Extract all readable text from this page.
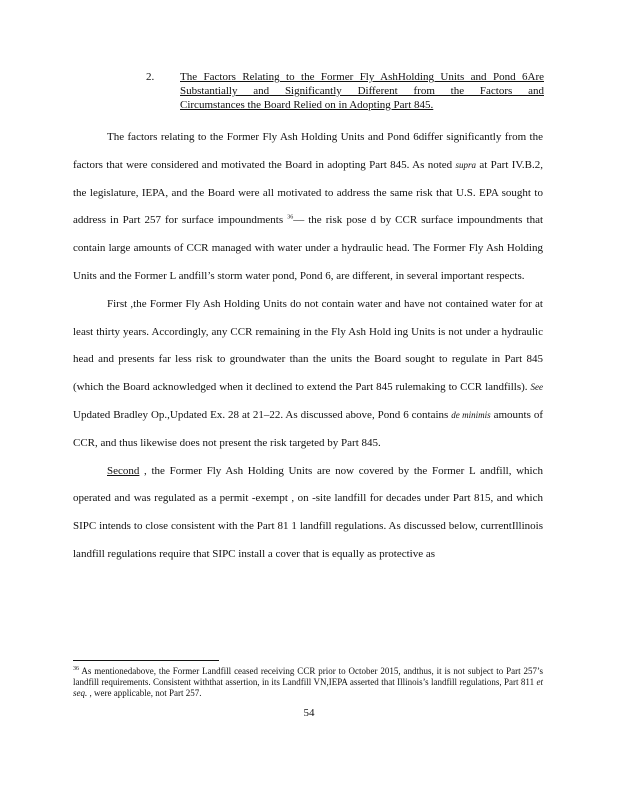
2. The Factors Relating to the Former Fly AshHolding Units and Pond 6Are
Substantially and Significantly Different from the Factors and
Circumstances the Board Relied on in Adopting Part 845.

The factors relating to the Former Fly Ash Holding Units and Pond 6differ significantly from the factors that were considered and motivated the Board in adopting Part 845. As noted supra at Part IV.B.2, the legislature, IEPA, and the Board were all motivated to address the same risk that U.S. EPA sought to address in Part 257 for surface impoundments $^{36}$— the risk pose d by CCR surface impoundments that contain large amounts of CCR managed with water under a hydraulic head. The Former Fly Ash Holding Units and the Former L andfill’s storm water pond, Pond 6, are different, in several important respects.

First ,the Former Fly Ash Holding Units do not contain water and have not contained water for at least thirty years. Accordingly, any CCR remaining in the Fly Ash Hold ing Units is not under a hydraulic head and presents far less risk to groundwater than the units the Board sought to regulate in Part 845 (which the Board acknowledged when it declined to extend the Part 845 rulemaking to CCR landfills). See Updated Bradley Op.,Updated Ex. 28 at 21–22. As discussed above, Pond 6 contains de minimis amounts of CCR, and thus likewise does not present the risk targeted by Part 845.

Second , the Former Fly Ash Holding Units are now covered by the Former L andfill, which operated and was regulated as a permit -exempt , on -site landfill for decades under Part 815, and which SIPC intends to close consistent with the Part 81 1 landfill regulations. As discussed below, currentIllinois landfill regulations require that SIPC install a cover that is equally as protective as

$^{36}$ As mentionedabove, the Former Landfill ceased receiving CCR prior to October 2015, andthus, it is not subject to Part 257’s landfill requirements. Consistent withthat assertion, in its Landfill VN,IEPA asserted that Illinois’s landfill regulations, Part 811 et seq. , were applicable, not Part 257.
54
